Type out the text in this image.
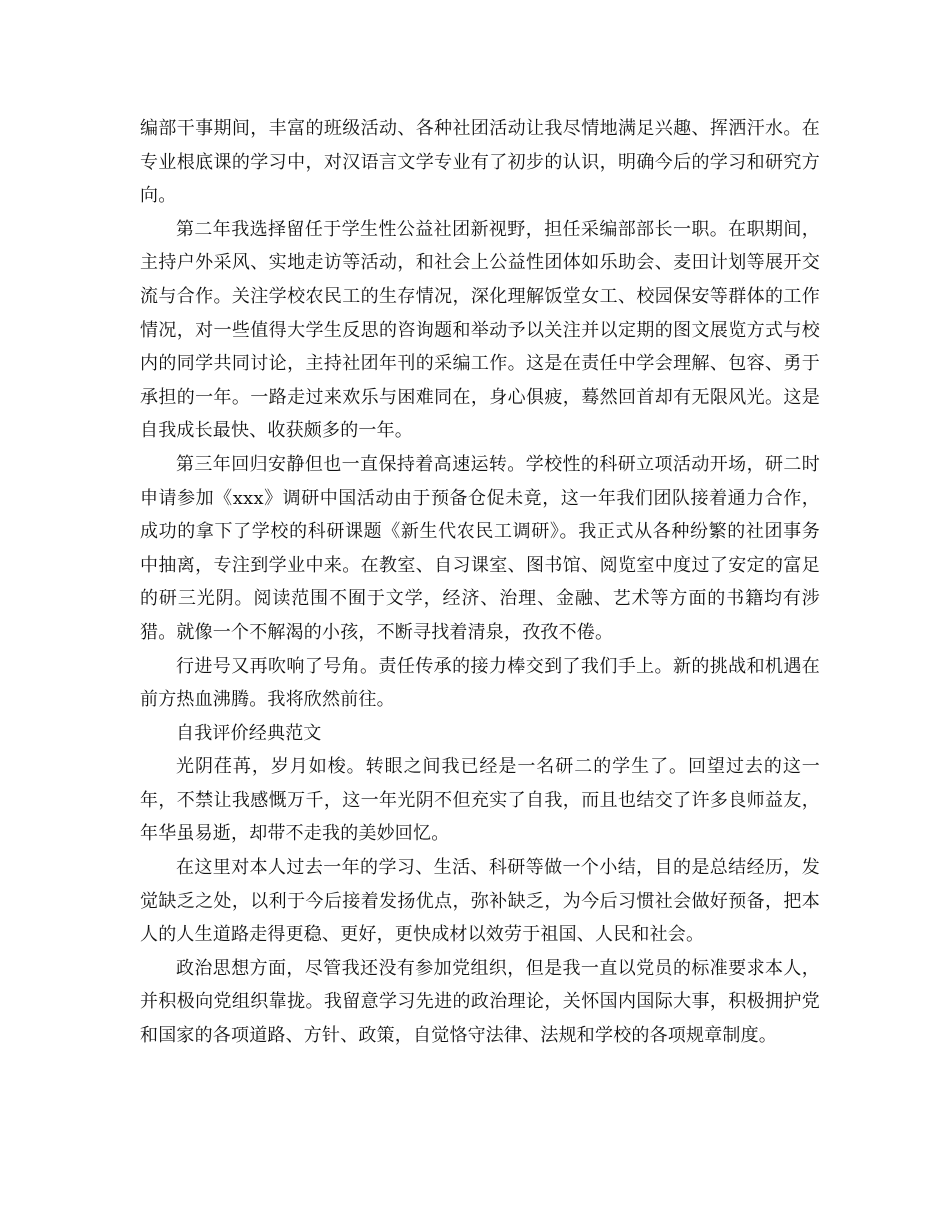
编部干事期间，丰富的班级活动、各种社团活动让我尽情地满足兴趣、挥洒汗水。在专业根底课的学习中，对汉语言文学专业有了初步的认识，明确今后的学习和研究方向。

第二年我选择留任于学生性公益社团新视野，担任采编部部长一职。在职期间，主持户外采风、实地走访等活动，和社会上公益性团体如乐助会、麦田计划等展开交流与合作。关注学校农民工的生存情况，深化理解饭堂女工、校园保安等群体的工作情况，对一些值得大学生反思的咨询题和举动予以关注并以定期的图文展览方式与校内的同学共同讨论，主持社团年刊的采编工作。这是在责任中学会理解、包容、勇于承担的一年。一路走过来欢乐与困难同在，身心俱疲，蓦然回首却有无限风光。这是自我成长最快、收获颇多的一年。

第三年回归安静但也一直保持着高速运转。学校性的科研立项活动开场，研二时申请参加《xxx》调研中国活动由于预备仓促未竟，这一年我们团队接着通力合作，成功的拿下了学校的科研课题《新生代农民工调研》。我正式从各种纷繁的社团事务中抽离，专注到学业中来。在教室、自习课室、图书馆、阅览室中度过了安定的富足的研三光阴。阅读范围不囿于文学，经济、治理、金融、艺术等方面的书籍均有涉猎。就像一个不解渴的小孩，不断寻找着清泉，孜孜不倦。

行进号又再吹响了号角。责任传承的接力棒交到了我们手上。新的挑战和机遇在前方热血沸腾。我将欣然前往。

自我评价经典范文

光阴荏苒，岁月如梭。转眼之间我已经是一名研二的学生了。回望过去的这一年，不禁让我感慨万千，这一年光阴不但充实了自我，而且也结交了许多良师益友，年华虽易逝，却带不走我的美妙回忆。

在这里对本人过去一年的学习、生活、科研等做一个小结，目的是总结经历，发觉缺乏之处，以利于今后接着发扬优点，弥补缺乏，为今后习惯社会做好预备，把本人的人生道路走得更稳、更好，更快成材以效劳于祖国、人民和社会。

政治思想方面，尽管我还没有参加党组织，但是我一直以党员的标准要求本人，并积极向党组织靠拢。我留意学习先进的政治理论，关怀国内国际大事，积极拥护党和国家的各项道路、方针、政策，自觉恪守法律、法规和学校的各项规章制度。
